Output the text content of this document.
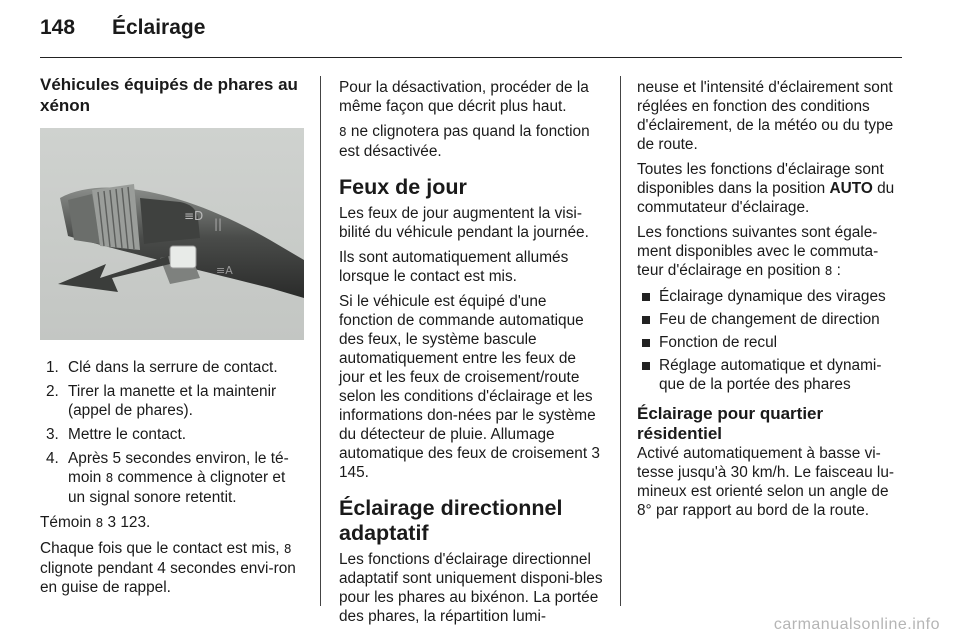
148 Éclairage
Véhicules équipés de phares au xénon
≡D
||
≡A
1. Clé dans la serrure de contact.
2. Tirer la manette et la maintenir (appel de phares).
3. Mettre le contact.
4. Après 5 secondes environ, le té-moin 8 commence à clignoter et un signal sonore retentit.

Témoin 8 3 123.

Chaque fois que le contact est mis, 8 clignote pendant 4 secondes envi-ron en guise de rappel.

Pour la désactivation, procéder de la même façon que décrit plus haut.

8 ne clignotera pas quand la fonction est désactivée.

Feux de jour

Les feux de jour augmentent la visi-bilité du véhicule pendant la journée.

Ils sont automatiquement allumés lorsque le contact est mis.

Si le véhicule est équipé d'une fonction de commande automatique des feux, le système bascule automatiquement entre les feux de jour et les feux de croisement/route selon les conditions d'éclairage et les informations don-nées par le système du détecteur de pluie. Allumage automatique des feux de croisement 3 145.

Éclairage directionnel adaptatif

Les fonctions d'éclairage directionnel adaptatif sont uniquement disponi-bles pour les phares au bixénon. La portée des phares, la répartition lumi-

neuse et l'intensité d'éclairement sont réglées en fonction des conditions d'éclairement, de la météo ou du type de route.

Toutes les fonctions d'éclairage sont disponibles dans la position AUTO du commutateur d'éclairage.

Les fonctions suivantes sont égale-ment disponibles avec le commuta-teur d'éclairage en position 8 :

Éclairage dynamique des virages
Feu de changement de direction
Fonction de recul
Réglage automatique et dynami-que de la portée des phares
Éclairage pour quartier résidentiel

Activé automatiquement à basse vi-tesse jusqu'à 30 km/h. Le faisceau lu-mineux est orienté selon un angle de 8° par rapport au bord de la route.

carmanualsonline.info
